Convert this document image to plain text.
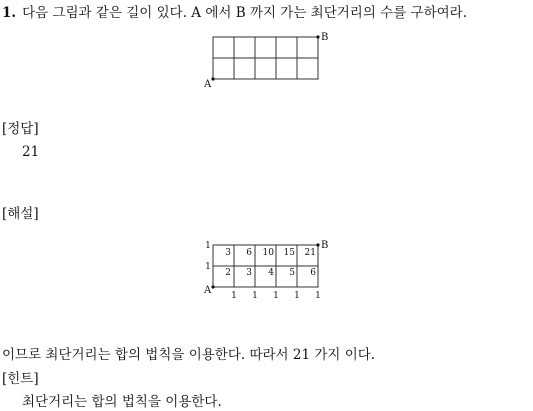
1. 다음 그림과 같은 길이 있다. A 에서 B 까지 가는 최단거리의 수를 구하여라.
A
B
A
B
3 6 10 15 21
2 3 4 5 6
1 1 1 1 1
1
1
[정답]
21
[해설]
이므로 최단거리는 합의 법칙을 이용한다. 따라서 21 가지 이다.
[힌트]
최단거리는 합의 법칙을 이용한다.
